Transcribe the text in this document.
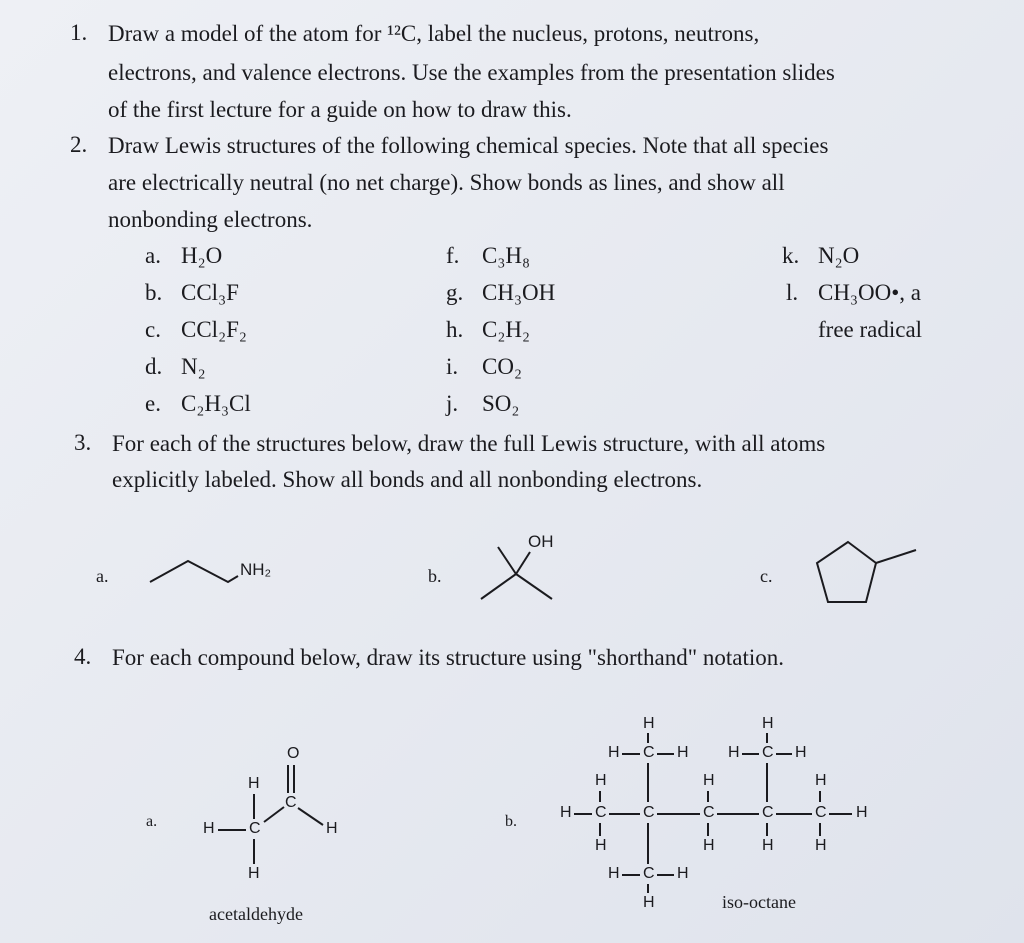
1. Draw a model of the atom for ¹²C, label the nucleus, protons, neutrons,
electrons, and valence electrons. Use the examples from the presentation slides
of the first lecture for a guide on how to draw this.
2. Draw Lewis structures of the following chemical species. Note that all species
are electrically neutral (no net charge). Show bonds as lines, and show all
nonbonding electrons.
a. H₂O
b. CCl₃F
c. CCl₂F₂
d. N₂
e. C₂H₃Cl
f. C₃H₈
g. CH₃OH
h. C₂H₂
i. CO₂
j. SO₂
k. N₂O
l. CH₃OO•, a
free radical
3. For each of the structures below, draw the full Lewis structure, with all atoms
explicitly labeled. Show all bonds and all nonbonding electrons.
a.	NH₂	b.
OH
c.
4. For each compound below, draw its structure using "shorthand" notation.
a.
acetaldehyde
b.
iso-octane
O
C
H
H C	H
H
H
H C H
H
H C H
H	H	H
H C C	C	C	C H
H	H	H	H
H C H
H
